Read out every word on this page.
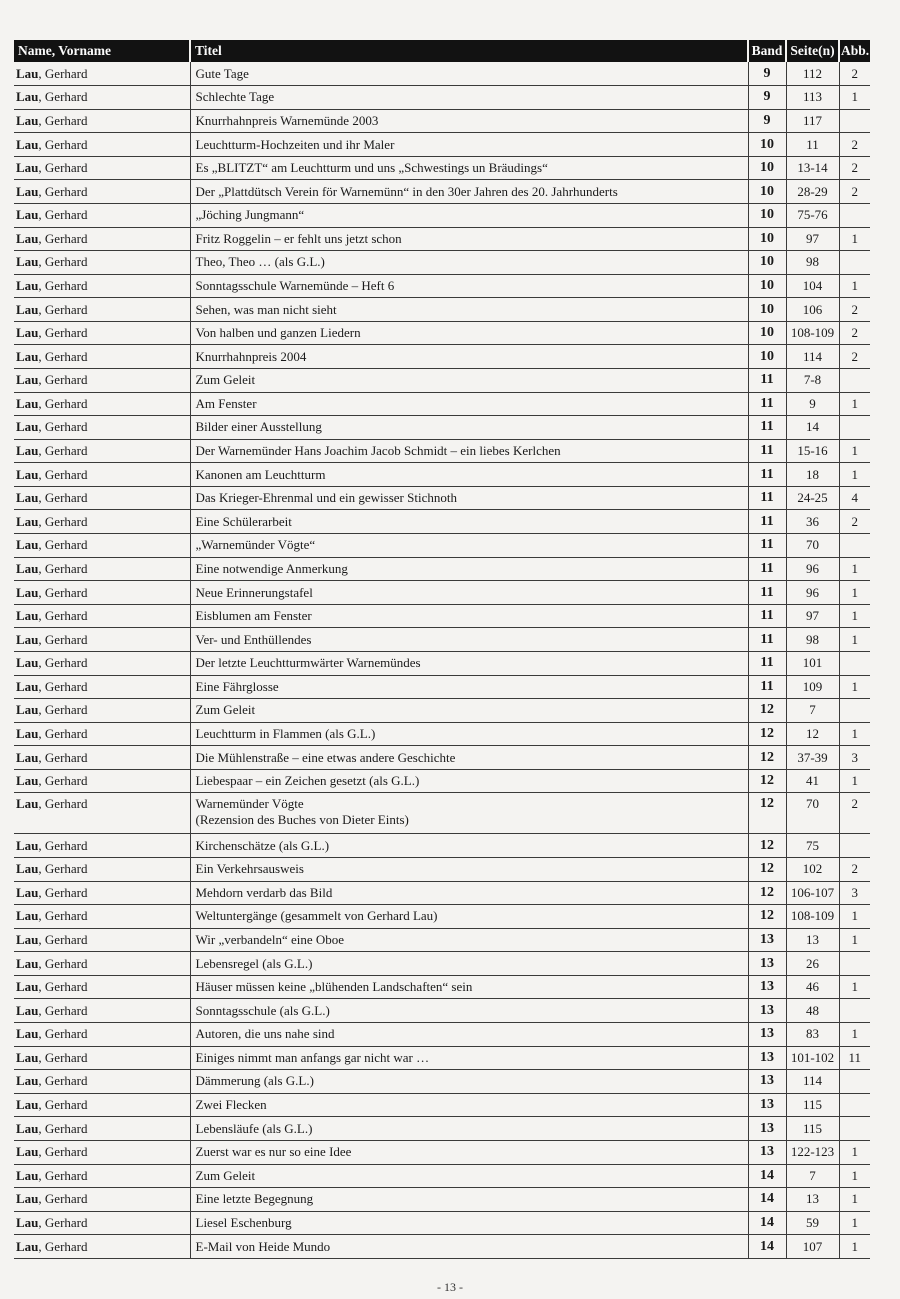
Name, Vorname	Titel	Band	Seite(n)	Abb.
Lau, Gerhard	Gute Tage	9	112	2
Lau, Gerhard	Schlechte Tage	9	113	1
Lau, Gerhard	Knurrhahnpreis Warnemünde 2003	9	117	
Lau, Gerhard	Leuchtturm-Hochzeiten und ihr Maler	10	11	2
Lau, Gerhard	Es „BLITZT“ am Leuchtturm und uns „Schwestings un Bräudings“	10	13-14	2
Lau, Gerhard	Der „Plattdütsch Verein för Warnemünn“ in den 30er Jahren des 20. Jahrhunderts	10	28-29	2
Lau, Gerhard	„Jöching Jungmann“	10	75-76	
Lau, Gerhard	Fritz Roggelin – er fehlt uns jetzt schon	10	97	1
Lau, Gerhard	Theo, Theo … (als G.L.)	10	98	
Lau, Gerhard	Sonntagsschule Warnemünde – Heft 6	10	104	1
Lau, Gerhard	Sehen, was man nicht sieht	10	106	2
Lau, Gerhard	Von halben und ganzen Liedern	10	108-109	2
Lau, Gerhard	Knurrhahnpreis 2004	10	114	2
Lau, Gerhard	Zum Geleit	11	7-8	
Lau, Gerhard	Am Fenster	11	9	1
Lau, Gerhard	Bilder einer Ausstellung	11	14	
Lau, Gerhard	Der Warnemünder Hans Joachim Jacob Schmidt – ein liebes Kerlchen	11	15-16	1
Lau, Gerhard	Kanonen am Leuchtturm	11	18	1
Lau, Gerhard	Das Krieger-Ehrenmal und ein gewisser Stichnoth	11	24-25	4
Lau, Gerhard	Eine Schülerarbeit	11	36	2
Lau, Gerhard	„Warnemünder Vögte“	11	70	
Lau, Gerhard	Eine notwendige Anmerkung	11	96	1
Lau, Gerhard	Neue Erinnerungstafel	11	96	1
Lau, Gerhard	Eisblumen am Fenster	11	97	1
Lau, Gerhard	Ver- und Enthüllendes	11	98	1
Lau, Gerhard	Der letzte Leuchtturmwärter Warnemündes	11	101	
Lau, Gerhard	Eine Fährglosse	11	109	1
Lau, Gerhard	Zum Geleit	12	7	
Lau, Gerhard	Leuchtturm in Flammen (als G.L.)	12	12	1
Lau, Gerhard	Die Mühlenstraße – eine etwas andere Geschichte	12	37-39	3
Lau, Gerhard	Liebespaar – ein Zeichen gesetzt (als G.L.)	12	41	1
Lau, Gerhard	Warnemünder Vögte
(Rezension des Buches von Dieter Eints)	12	70	2
Lau, Gerhard	Kirchenschätze (als G.L.)	12	75	
Lau, Gerhard	Ein Verkehrsausweis	12	102	2
Lau, Gerhard	Mehdorn verdarb das Bild	12	106-107	3
Lau, Gerhard	Weltuntergänge (gesammelt von Gerhard Lau)	12	108-109	1
Lau, Gerhard	Wir „verbandeln“ eine Oboe	13	13	1
Lau, Gerhard	Lebensregel (als G.L.)	13	26	
Lau, Gerhard	Häuser müssen keine „blühenden Landschaften“ sein	13	46	1
Lau, Gerhard	Sonntagsschule (als G.L.)	13	48	
Lau, Gerhard	Autoren, die uns nahe sind	13	83	1
Lau, Gerhard	Einiges nimmt man anfangs gar nicht war …	13	101-102	11
Lau, Gerhard	Dämmerung (als G.L.)	13	114	
Lau, Gerhard	Zwei Flecken	13	115	
Lau, Gerhard	Lebensläufe (als G.L.)	13	115	
Lau, Gerhard	Zuerst war es nur so eine Idee	13	122-123	1
Lau, Gerhard	Zum Geleit	14	7	1
Lau, Gerhard	Eine letzte Begegnung	14	13	1
Lau, Gerhard	Liesel Eschenburg	14	59	1
Lau, Gerhard	E-Mail von Heide Mundo	14	107	1
- 13 -
